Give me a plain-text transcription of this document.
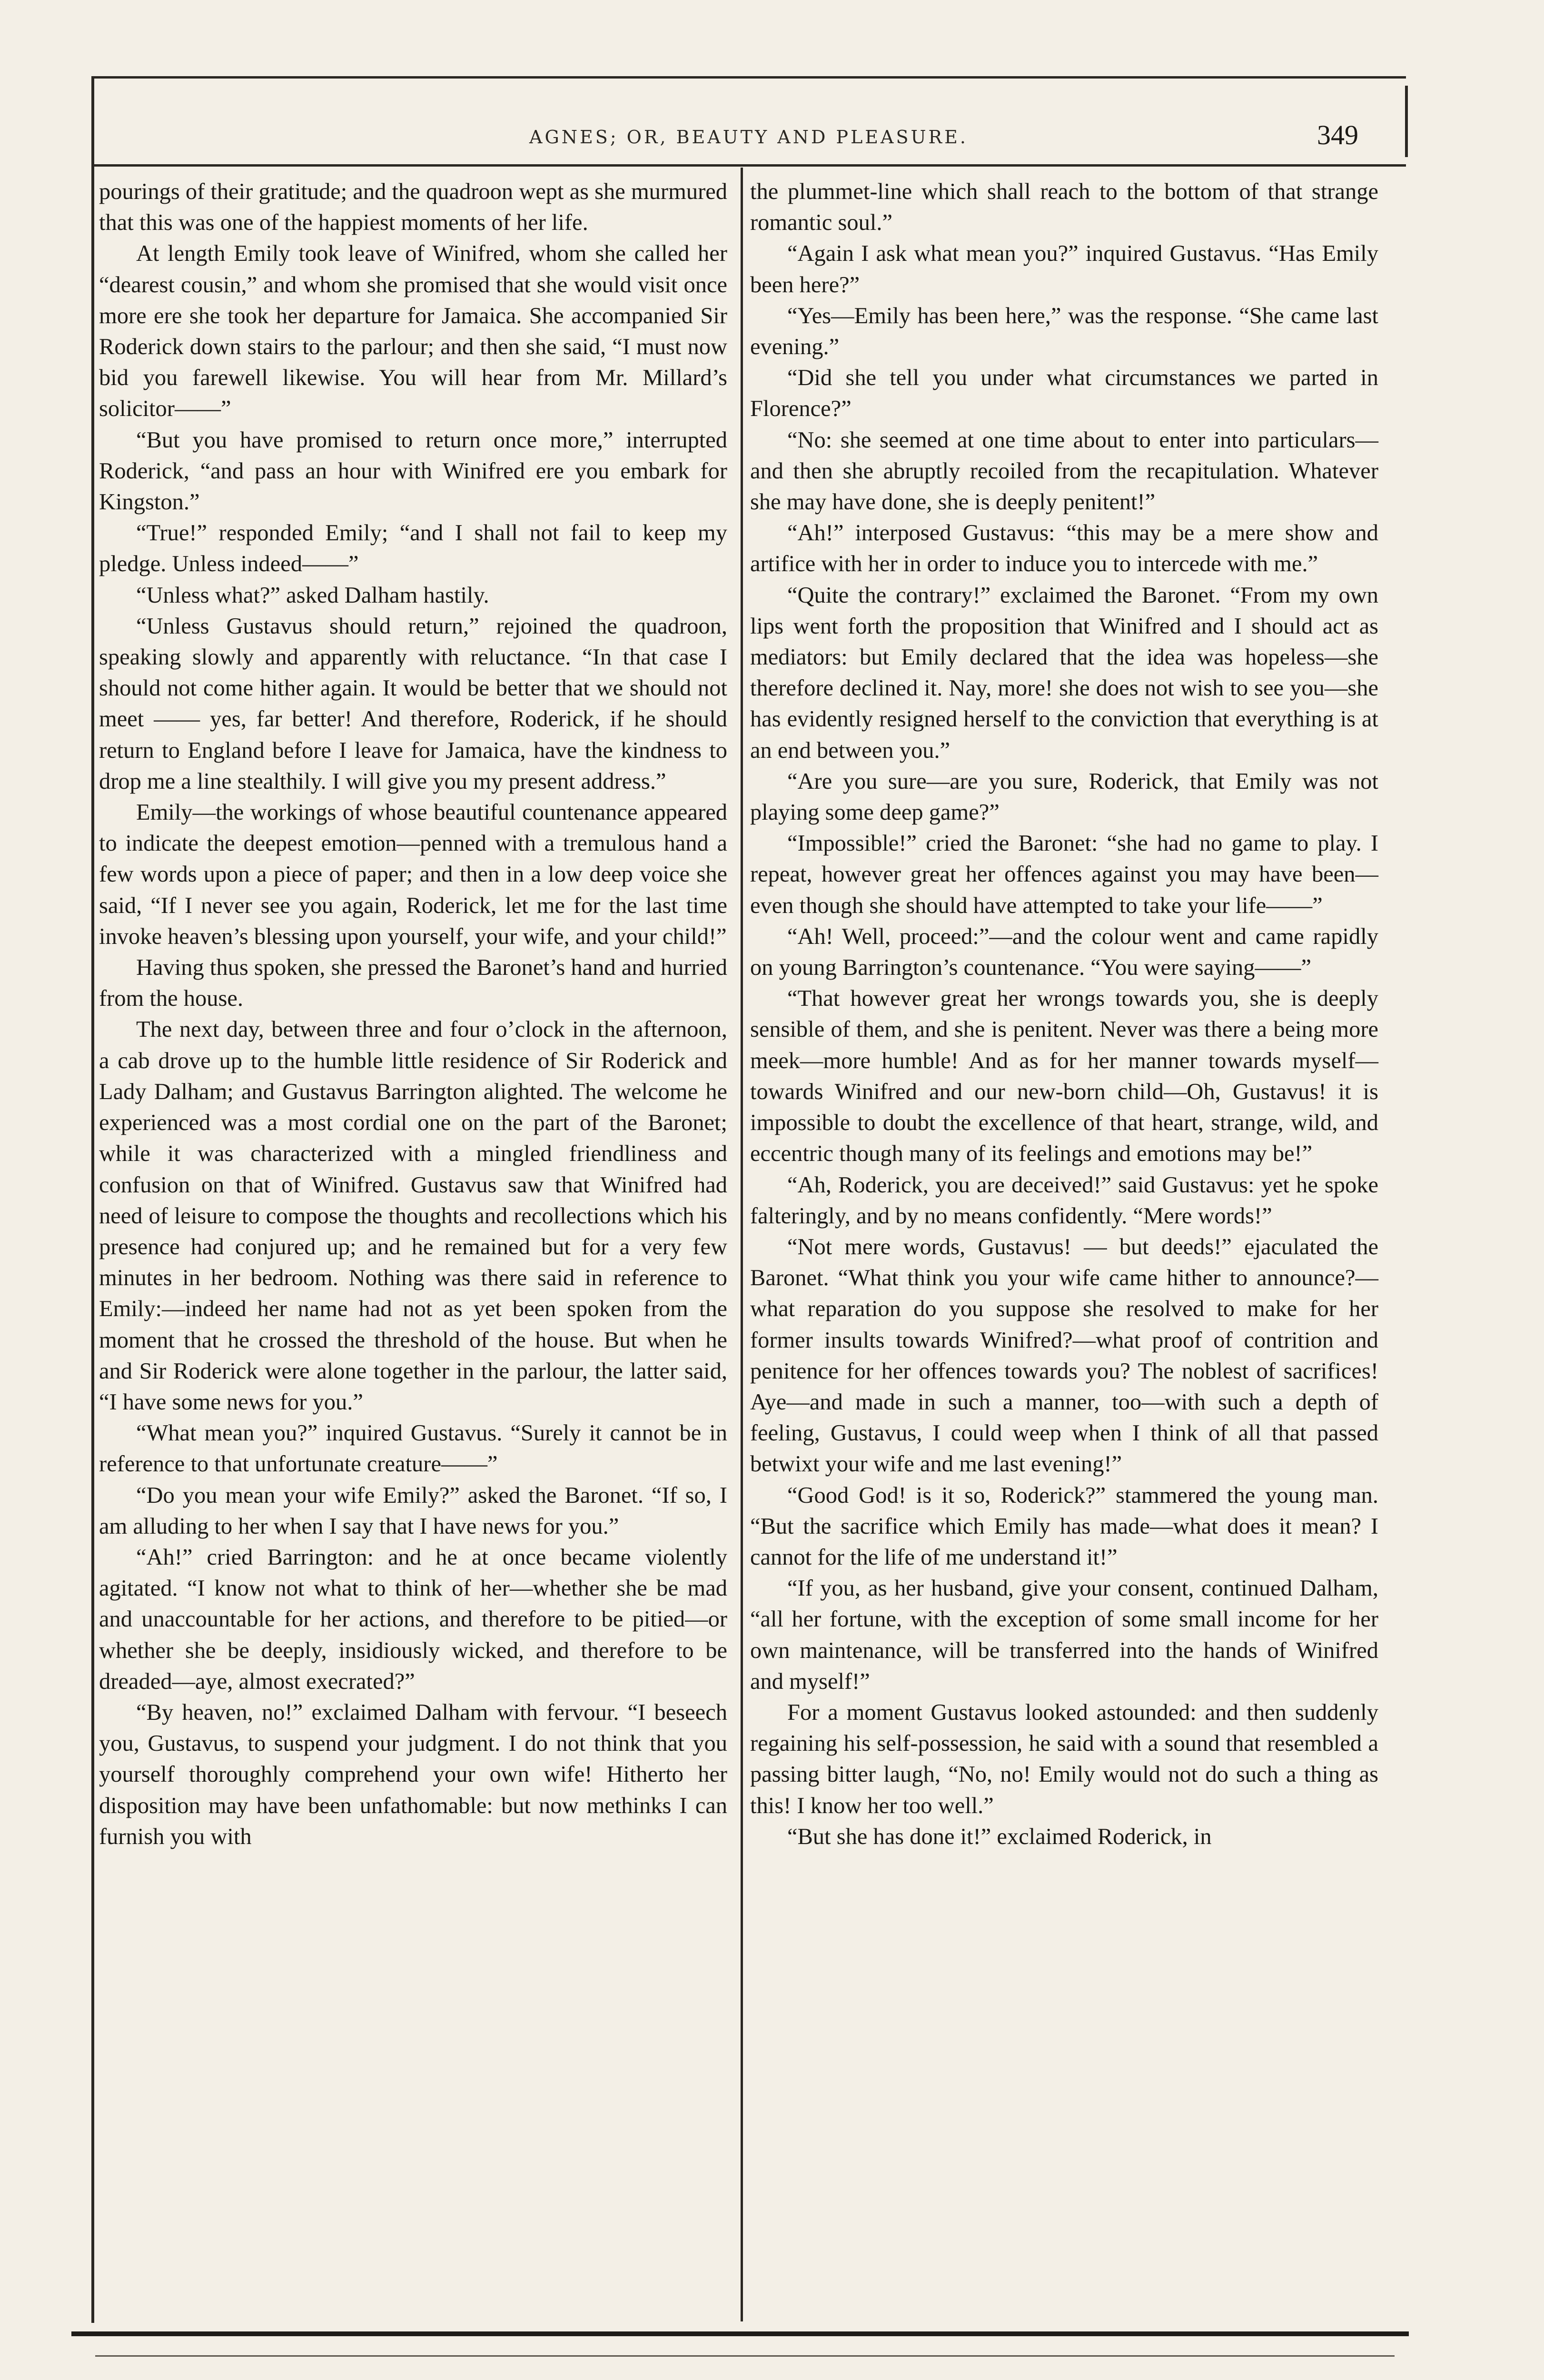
AGNES; OR, BEAUTY AND PLEASURE.	349

pourings of their gratitude; and the quadroon wept as she murmured that this was one of the happiest moments of her life.

At length Emily took leave of Winifred, whom she called her “dearest cousin,” and whom she promised that she would visit once more ere she took her departure for Jamaica. She accompanied Sir Roderick down stairs to the parlour; and then she said, “I must now bid you farewell likewise. You will hear from Mr. Millard’s solicitor——”

“But you have promised to return once more,” interrupted Roderick, “and pass an hour with Winifred ere you embark for Kingston.”

“True!” responded Emily; “and I shall not fail to keep my pledge. Unless indeed——”

“Unless what?” asked Dalham hastily.

“Unless Gustavus should return,” rejoined the quadroon, speaking slowly and apparently with reluctance. “In that case I should not come hither again. It would be better that we should not meet —— yes, far better! And therefore, Roderick, if he should return to England before I leave for Jamaica, have the kindness to drop me a line stealthily. I will give you my present address.”

Emily—the workings of whose beautiful countenance appeared to indicate the deepest emotion—penned with a tremulous hand a few words upon a piece of paper; and then in a low deep voice she said, “If I never see you again, Roderick, let me for the last time invoke heaven’s blessing upon yourself, your wife, and your child!”

Having thus spoken, she pressed the Baronet’s hand and hurried from the house.

The next day, between three and four o’clock in the afternoon, a cab drove up to the humble little residence of Sir Roderick and Lady Dalham; and Gustavus Barrington alighted. The welcome he experienced was a most cordial one on the part of the Baronet; while it was characterized with a mingled friendliness and confusion on that of Winifred. Gustavus saw that Winifred had need of leisure to compose the thoughts and recollections which his presence had conjured up; and he remained but for a very few minutes in her bedroom. Nothing was there said in reference to Emily:—indeed her name had not as yet been spoken from the moment that he crossed the threshold of the house. But when he and Sir Roderick were alone together in the parlour, the latter said, “I have some news for you.”

“What mean you?” inquired Gustavus. “Surely it cannot be in reference to that unfortunate creature——”

“Do you mean your wife Emily?” asked the Baronet. “If so, I am alluding to her when I say that I have news for you.”

“Ah!” cried Barrington: and he at once became violently agitated. “I know not what to think of her—whether she be mad and unaccountable for her actions, and therefore to be pitied—or whether she be deeply, insidiously wicked, and therefore to be dreaded—aye, almost execrated?”

“By heaven, no!” exclaimed Dalham with fervour. “I beseech you, Gustavus, to suspend your judgment. I do not think that you yourself thoroughly comprehend your own wife! Hitherto her disposition may have been unfathomable: but now methinks I can furnish you with

the plummet-line which shall reach to the bottom of that strange romantic soul.”

“Again I ask what mean you?” inquired Gustavus. “Has Emily been here?”

“Yes—Emily has been here,” was the response. “She came last evening.”

“Did she tell you under what circumstances we parted in Florence?”

“No: she seemed at one time about to enter into particulars—and then she abruptly recoiled from the recapitulation. Whatever she may have done, she is deeply penitent!”

“Ah!” interposed Gustavus: “this may be a mere show and artifice with her in order to induce you to intercede with me.”

“Quite the contrary!” exclaimed the Baronet. “From my own lips went forth the proposition that Winifred and I should act as mediators: but Emily declared that the idea was hopeless—she therefore declined it. Nay, more! she does not wish to see you—she has evidently resigned herself to the conviction that everything is at an end between you.”

“Are you sure—are you sure, Roderick, that Emily was not playing some deep game?”

“Impossible!” cried the Baronet: “she had no game to play. I repeat, however great her offences against you may have been—even though she should have attempted to take your life——”

“Ah! Well, proceed:”—and the colour went and came rapidly on young Barrington’s countenance. “You were saying——”

“That however great her wrongs towards you, she is deeply sensible of them, and she is penitent. Never was there a being more meek—more humble! And as for her manner towards myself—towards Winifred and our new-born child—Oh, Gustavus! it is impossible to doubt the excellence of that heart, strange, wild, and eccentric though many of its feelings and emotions may be!”

“Ah, Roderick, you are deceived!” said Gustavus: yet he spoke falteringly, and by no means confidently. “Mere words!”

“Not mere words, Gustavus! — but deeds!” ejaculated the Baronet. “What think you your wife came hither to announce?—what reparation do you suppose she resolved to make for her former insults towards Winifred?—what proof of contrition and penitence for her offences towards you? The noblest of sacrifices! Aye—and made in such a manner, too—with such a depth of feeling, Gustavus, I could weep when I think of all that passed betwixt your wife and me last evening!”

“Good God! is it so, Roderick?” stammered the young man. “But the sacrifice which Emily has made—what does it mean? I cannot for the life of me understand it!”

“If you, as her husband, give your consent, continued Dalham, “all her fortune, with the exception of some small income for her own maintenance, will be transferred into the hands of Winifred and myself!”

For a moment Gustavus looked astounded: and then suddenly regaining his self-possession, he said with a sound that resembled a passing bitter laugh, “No, no! Emily would not do such a thing as this! I know her too well.”

“But she has done it!” exclaimed Roderick, in
